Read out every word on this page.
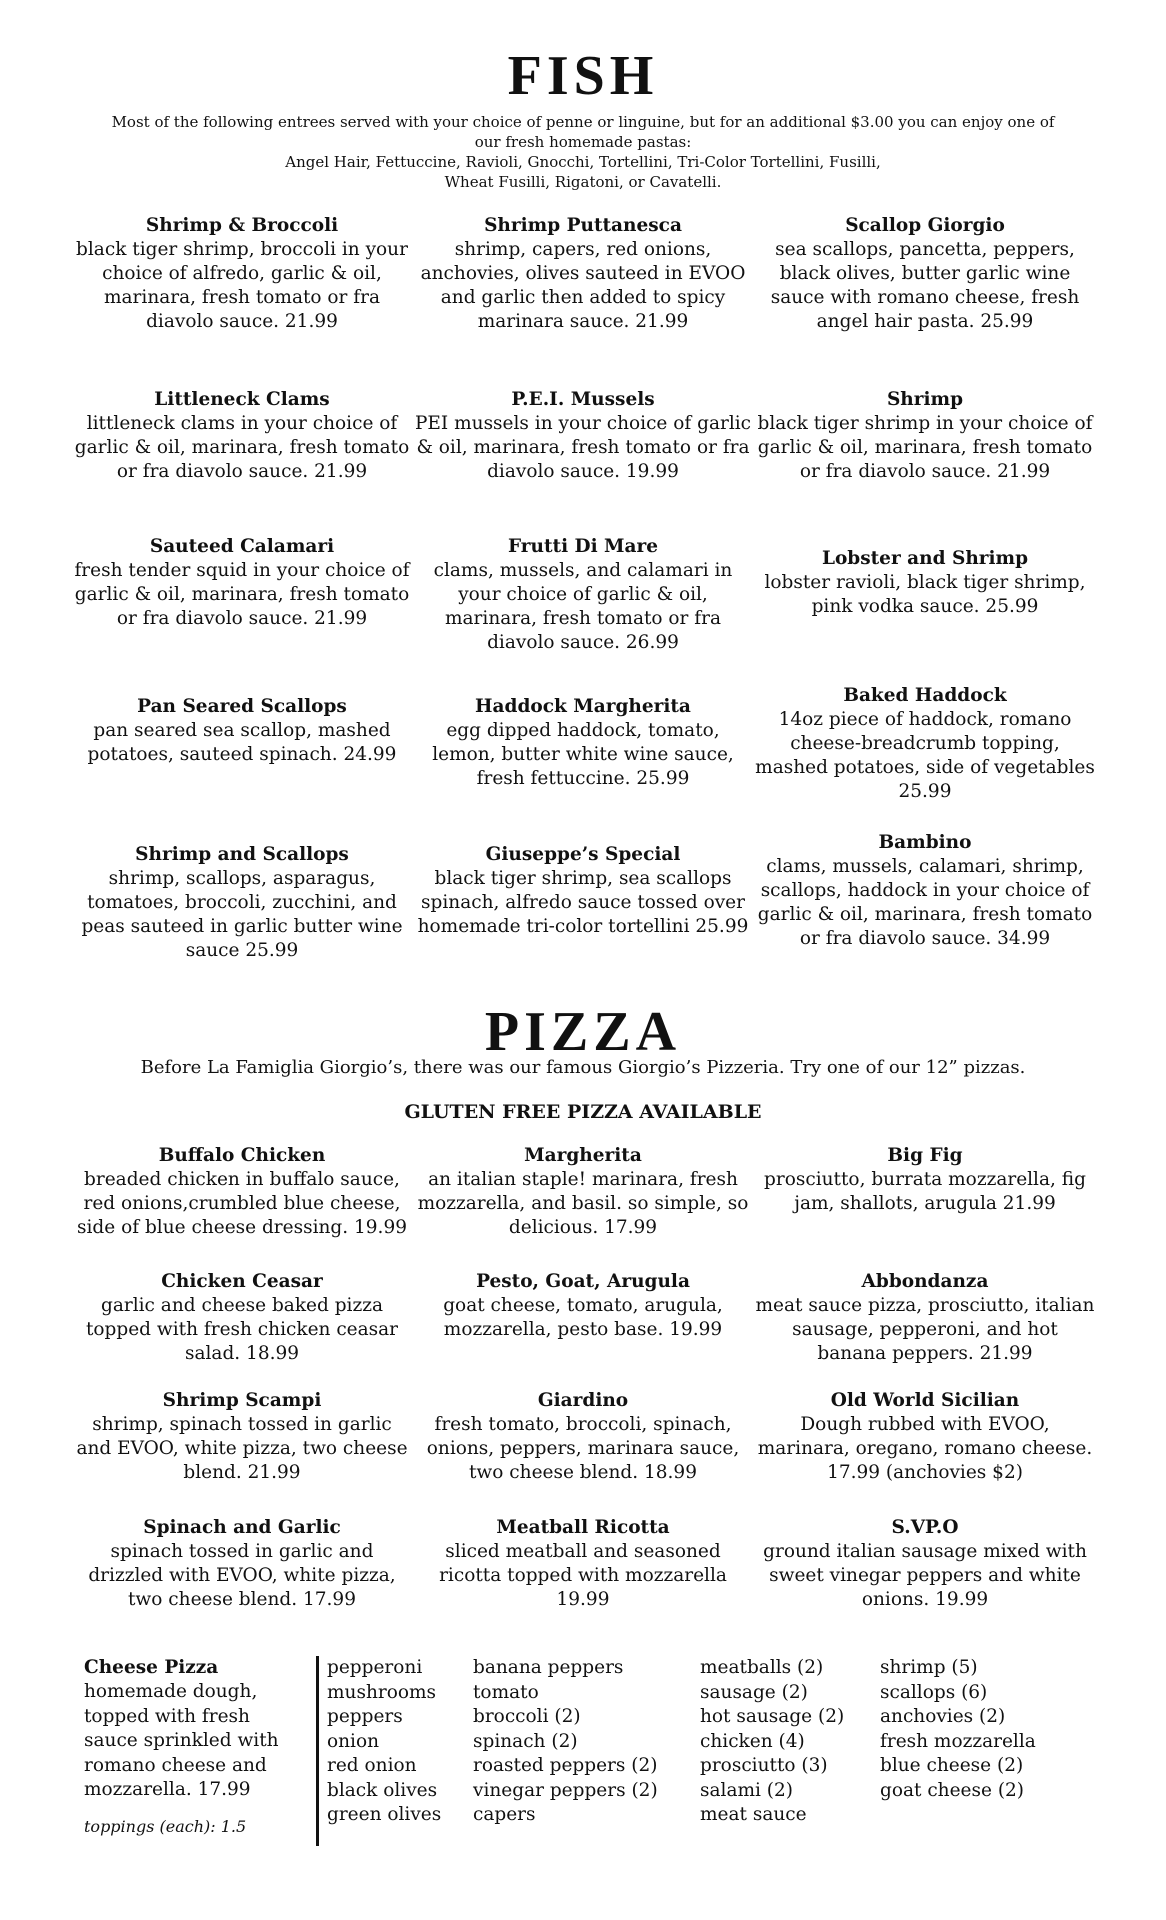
FISH
Most of the following entrees served with your choice of penne or linguine, but for an additional $3.00 you can enjoy one of
our fresh homemade pastas:
Angel Hair, Fettuccine, Ravioli, Gnocchi, Tortellini, Tri-Color Tortellini, Fusilli,
Wheat Fusilli, Rigatoni, or Cavatelli.
Shrimp & Broccoli
black tiger shrimp, broccoli in your choice of alfredo, garlic & oil, marinara, fresh tomato or fra diavolo sauce. 21.99
Shrimp Puttanesca
shrimp, capers, red onions, anchovies, olives sauteed in EVOO and garlic then added to spicy marinara sauce. 21.99
Scallop Giorgio
sea scallops, pancetta, peppers, black olives, butter garlic wine sauce with romano cheese, fresh angel hair pasta. 25.99
Littleneck Clams
littleneck clams in your choice of garlic & oil, marinara, fresh tomato or fra diavolo sauce. 21.99
P.E.I. Mussels
PEI mussels in your choice of garlic & oil, marinara, fresh tomato or fra diavolo sauce. 19.99
Shrimp
black tiger shrimp in your choice of garlic & oil, marinara, fresh tomato or fra diavolo sauce. 21.99
Sauteed Calamari
fresh tender squid in your choice of garlic & oil, marinara, fresh tomato or fra diavolo sauce. 21.99
Frutti Di Mare
clams, mussels, and calamari in your choice of garlic & oil, marinara, fresh tomato or fra diavolo sauce. 26.99
Lobster and Shrimp
lobster ravioli, black tiger shrimp, pink vodka sauce. 25.99
Pan Seared Scallops
pan seared sea scallop, mashed potatoes, sauteed spinach. 24.99
Haddock Margherita
egg dipped haddock, tomato, lemon, butter white wine sauce, fresh fettuccine. 25.99
Baked Haddock
14oz piece of haddock, romano cheese-breadcrumb topping, mashed potatoes, side of vegetables 25.99
Shrimp and Scallops
shrimp, scallops, asparagus, tomatoes, broccoli, zucchini, and peas sauteed in garlic butter wine sauce 25.99
Giuseppe’s Special
black tiger shrimp, sea scallops spinach, alfredo sauce tossed over homemade tri-color tortellini 25.99
Bambino
clams, mussels, calamari, shrimp, scallops, haddock in your choice of garlic & oil, marinara, fresh tomato or fra diavolo sauce. 34.99
PIZZA

Before La Famiglia Giorgio’s, there was our famous Giorgio’s Pizzeria. Try one of our 12” pizzas.

GLUTEN FREE PIZZA AVAILABLE

Buffalo Chicken
breaded chicken in buffalo sauce, red onions,crumbled blue cheese, side of blue cheese dressing. 19.99
Margherita
an italian staple! marinara, fresh mozzarella, and basil. so simple, so delicious. 17.99
Big Fig
prosciutto, burrata mozzarella, fig jam, shallots, arugula 21.99
Chicken Ceasar
garlic and cheese baked pizza topped with fresh chicken ceasar salad. 18.99
Pesto, Goat, Arugula
goat cheese, tomato, arugula, mozzarella, pesto base. 19.99
Abbondanza
meat sauce pizza, prosciutto, italian sausage, pepperoni, and hot banana peppers. 21.99
Shrimp Scampi
shrimp, spinach tossed in garlic and EVOO, white pizza, two cheese blend. 21.99
Giardino
fresh tomato, broccoli, spinach, onions, peppers, marinara sauce, two cheese blend. 18.99
Old World Sicilian
Dough rubbed with EVOO, marinara, oregano, romano cheese. 17.99 (anchovies $2)
Spinach and Garlic
spinach tossed in garlic and drizzled with EVOO, white pizza, two cheese blend. 17.99
Meatball Ricotta
sliced meatball and seasoned ricotta topped with mozzarella 19.99
S.VP.O
ground italian sausage mixed with sweet vinegar peppers and white onions. 19.99
Cheese Pizza
homemade dough, topped with fresh sauce sprinkled with romano cheese and mozzarella. 17.99
toppings (each): 1.5
pepperoni
mushrooms
peppers
onion
red onion
black olives
green olives
banana peppers
tomato
broccoli (2)
spinach (2)
roasted peppers (2)
vinegar peppers (2)
capers
meatballs (2)
sausage (2)
hot sausage (2)
chicken (4)
prosciutto (3)
salami (2)
meat sauce
shrimp (5)
scallops (6)
anchovies (2)
fresh mozzarella
blue cheese (2)
goat cheese (2)
